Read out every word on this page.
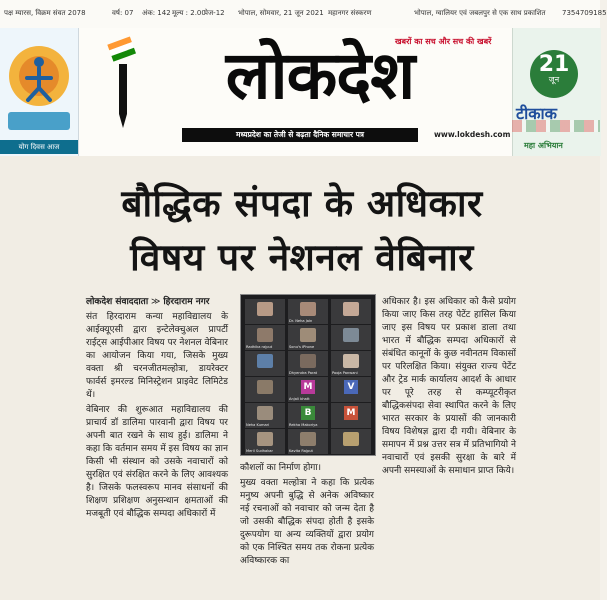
पक्ष म्यारस, विक्रम संवत 2078	वर्ष: 07 अंक: 142 मूल्य : 2.00
पेज-12 भोपाल, सोमवार, 21 जून 2021 महानगर संस्करण	भोपाल, ग्वालियर एवं जबलपुर से एक साथ प्रकाशित 7354709185
योग दिवस आज
लोकदेश
खबरों का सच और सच की खबरें
मध्यप्रदेश का तेजी से बढ़ता दैनिक समाचार पत्र	www.lokdesh.com
21
जून
टीकाक
महा अभियान
बौद्धिक संपदा के अधिकार
विषय पर नेशनल वेबिनार

लोकदेश संवाददाता ≫ हिरदाराम नगर

संत हिरदाराम कन्या महाविद्यालय के आईक्यूएसी द्वारा इन्टेलेक्चुअल प्रापर्टी राईट्स आईपीआर विषय पर नेशनल वेबिनार का आयोजन किया गया, जिसके मुख्य वक्ता श्री चरनजीतमल्होत्रा, डायरेक्टर फार्वर्स इमरल्ड मिनिस्ट्रेशन प्राइवेट लिमिटेड थें।

वेबिनार की शुरूआत महाविद्यालय की प्राचार्य डॉ डालिमा पारवानी द्वारा विषय पर अपनी बात रखने के साथ हुई। डालिमा ने कहा कि वर्तमान समय में इस विषय का ज्ञान किसी भी संस्थान को उसके नवाचारों को सुरक्षित एवं संरक्षित करने के लिए आवश्यक है। जिसके फलस्वरूप मानव संसाधनों की शिक्षण प्रशिक्षण अनुसन्धान क्षमताओं की मजबूती एवं बौद्धिक सम्पदा अधिकारों में

Dr. Neha Jain
Radhika rajput	Sonu's iPhone
Dhyendra Parat	Pooja Panwani
M
Anjali bhatt
V
Neha Kumari
B
Rekha Makoriya
M
Meril Sudhakar	Kavita Rajput

कौशलों का निर्माण होगा।

मुख्य वक्ता मल्होत्रा ने कहा कि प्रत्येक मनुष्य अपनी बुद्धि से अनेक अविष्कार नई रचनाओं को नवाचार को जन्म देता है जो उसकी बौद्धिक संपदा होती है इसके दुरूपयोग या अन्य व्यक्तियों द्वारा प्रयोग को एक निश्चित समय तक रोकना प्रत्येक अविष्कारक का

अधिकार है। इस अधिकार को कैसे प्रयोग किया जाए किस तरह पेटेंट हासिल किया जाए इस विषय पर प्रकाश डाला तथा भारत में बौद्धिक सम्पदा अधिकारों से संबंधित कानूनों के कुछ नवीनतम विकासों पर परिलक्षित किया। संयुक्त राज्य पेटेंट और ट्रेड मार्क कार्यालय आदर्श के आधार पर पूरे तरह से कम्प्यूटरीकृत बौद्धिकसंपदा सेवा स्थापित करने के लिए भारत सरकार के प्रयासों की जानकारी विषय विशेषज्ञ द्वारा दी गयी। वेबिनार के समापन में प्रश्न उत्तर सत्र में प्रतिभागियो ने नवाचारों एवं इसकी सुरक्षा के बारे में अपनी समस्याओं के समाधान प्राप्त किये।
